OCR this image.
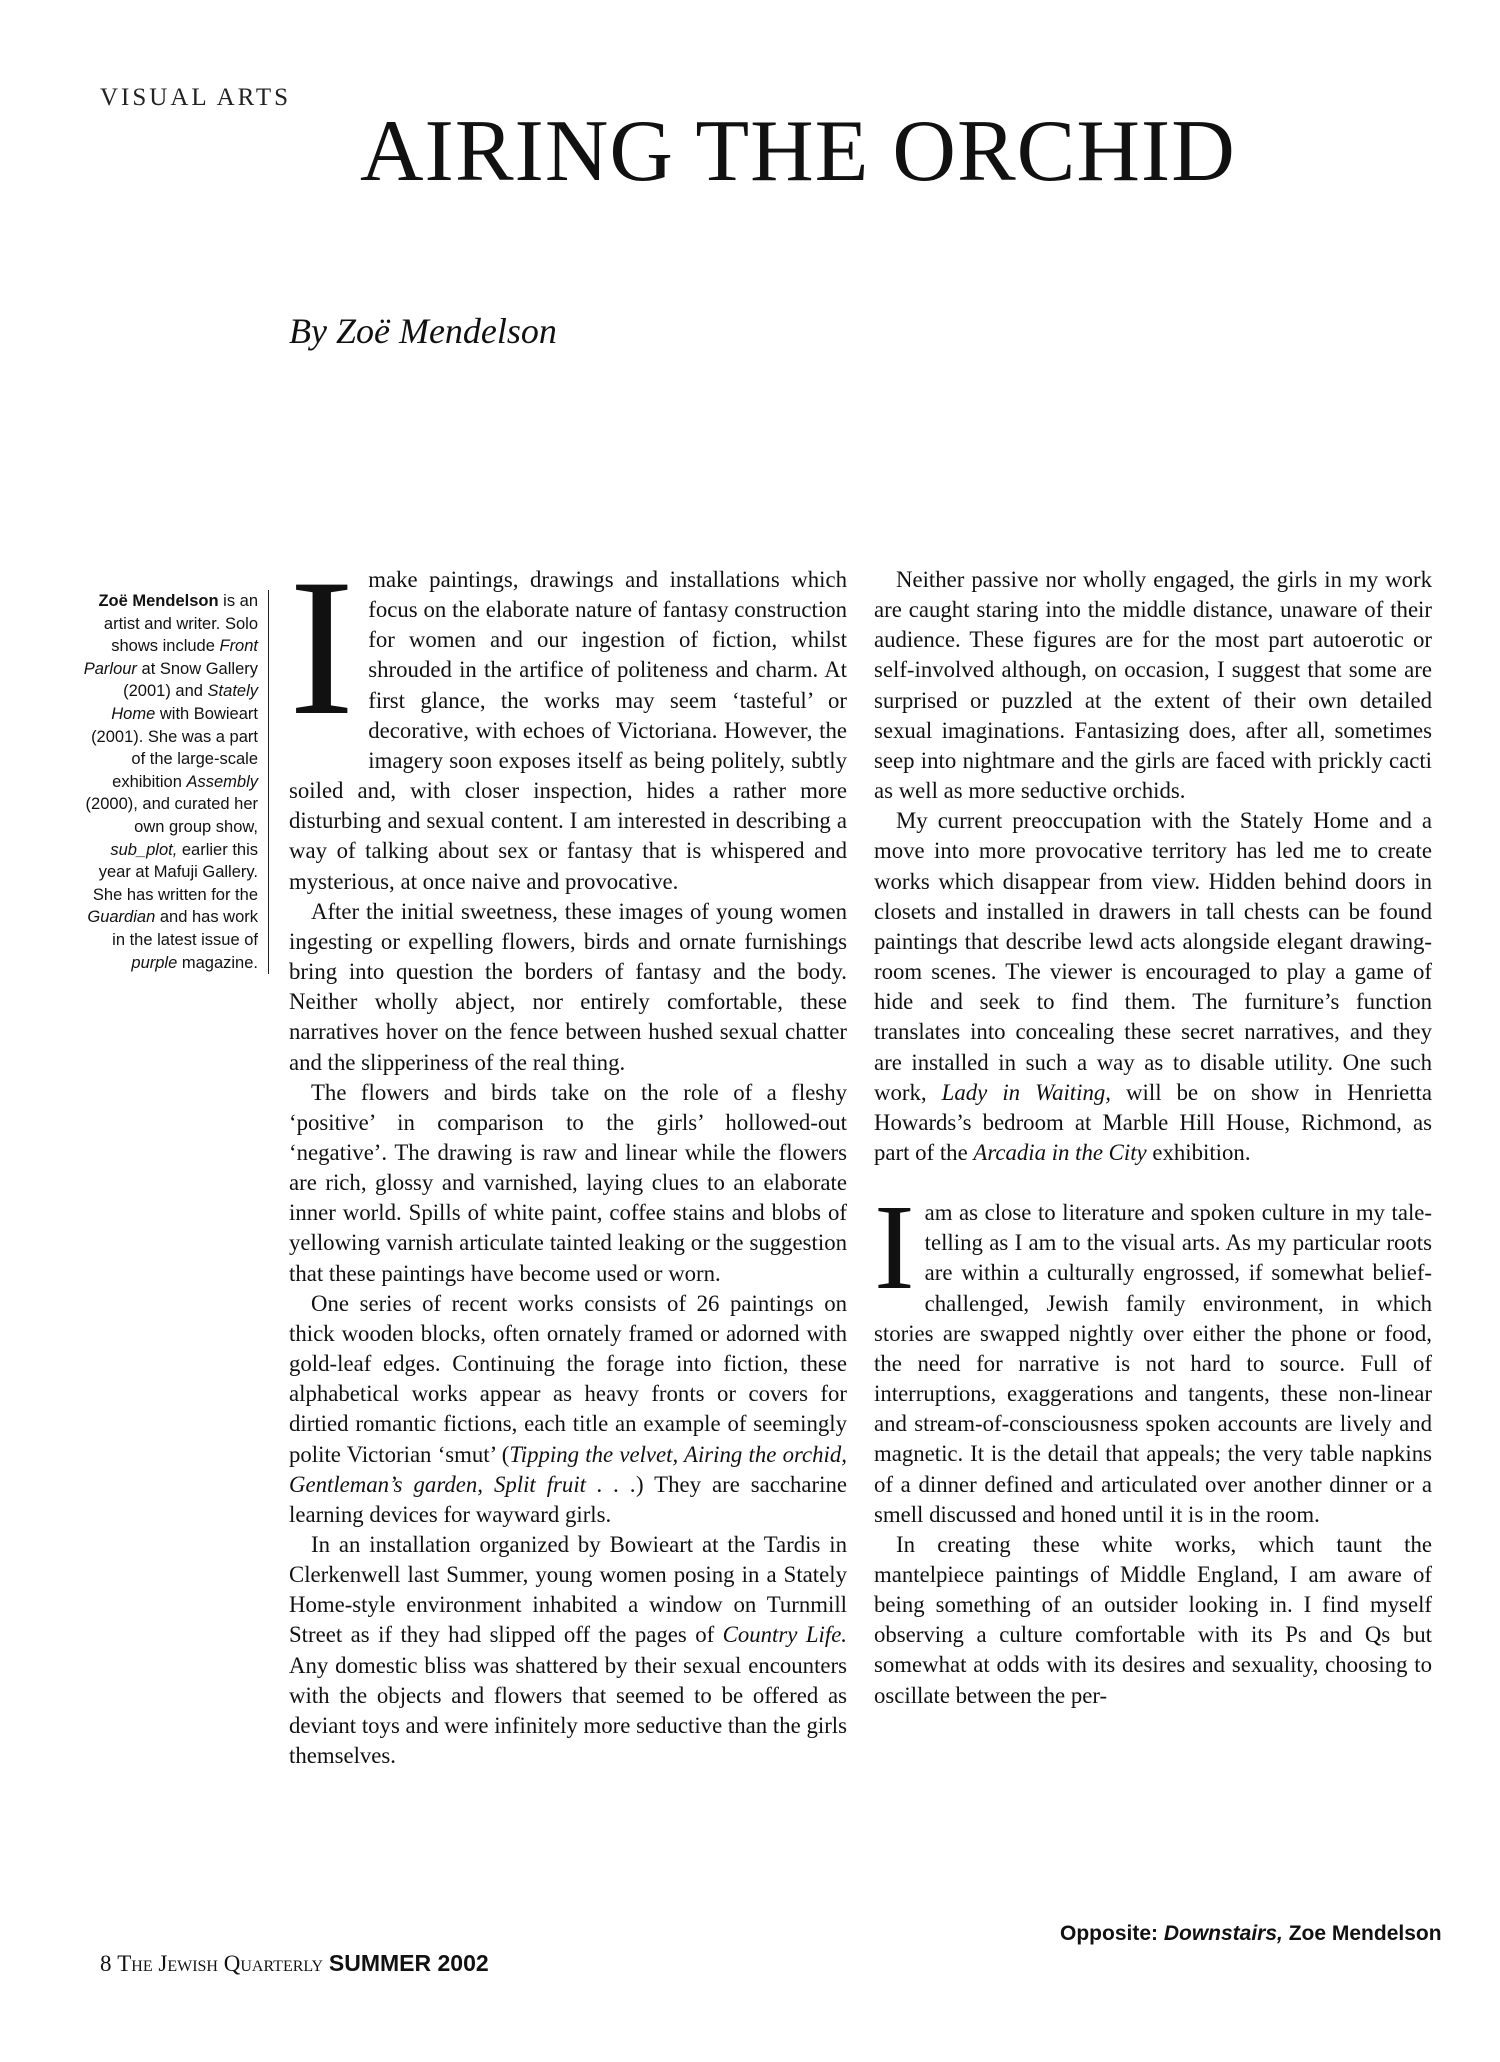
VISUAL ARTS
AIRING THE ORCHID
By Zoë Mendelson
Zoë Mendelson is an artist and writer. Solo shows include Front Parlour at Snow Gallery (2001) and Stately Home with Bowieart (2001). She was a part of the large-scale exhibition Assembly (2000), and curated her own group show, sub_plot, earlier this year at Mafuji Gallery. She has written for the Guardian and has work in the latest issue of purple magazine.

Imake paintings, drawings and installations which focus on the elaborate nature of fantasy construction for women and our ingestion of fiction, whilst shrouded in the artifice of politeness and charm. At first glance, the works may seem ‘tasteful’ or decorative, with echoes of Victoriana. However, the imagery soon exposes itself as being politely, subtly soiled and, with closer inspection, hides a rather more disturbing and sexual content. I am interested in describing a way of talking about sex or fantasy that is whispered and mysterious, at once naive and provocative.

After the initial sweetness, these images of young women ingesting or expelling flowers, birds and ornate furnishings bring into question the borders of fantasy and the body. Neither wholly abject, nor entirely comfortable, these narratives hover on the fence between hushed sexual chatter and the slipperiness of the real thing.

The flowers and birds take on the role of a fleshy ‘positive’ in comparison to the girls’ hollowed-out ‘negative’. The drawing is raw and linear while the flowers are rich, glossy and varnished, laying clues to an elaborate inner world. Spills of white paint, coffee stains and blobs of yellowing varnish articulate tainted leaking or the suggestion that these paintings have become used or worn.

One series of recent works consists of 26 paintings on thick wooden blocks, often ornately framed or adorned with gold-leaf edges. Continuing the forage into fiction, these alphabetical works appear as heavy fronts or covers for dirtied romantic fictions, each title an example of seemingly polite Victorian ‘smut’ (Tipping the velvet, Airing the orchid, Gentleman’s garden, Split fruit . . .) They are saccharine learning devices for wayward girls.

In an installation organized by Bowieart at the Tardis in Clerkenwell last Summer, young women posing in a Stately Home-style environment inhabited a window on Turnmill Street as if they had slipped off the pages of Country Life. Any domestic bliss was shattered by their sexual encounters with the objects and flowers that seemed to be offered as deviant toys and were infinitely more seductive than the girls themselves.

Neither passive nor wholly engaged, the girls in my work are caught staring into the middle distance, unaware of their audience. These figures are for the most part autoerotic or self-involved although, on occasion, I suggest that some are surprised or puzzled at the extent of their own detailed sexual imaginations. Fantasizing does, after all, sometimes seep into nightmare and the girls are faced with prickly cacti as well as more seductive orchids.

My current preoccupation with the Stately Home and a move into more provocative territory has led me to create works which disappear from view. Hidden behind doors in closets and installed in drawers in tall chests can be found paintings that describe lewd acts alongside elegant drawing-room scenes. The viewer is encouraged to play a game of hide and seek to find them. The furniture’s function translates into concealing these secret narratives, and they are installed in such a way as to disable utility. One such work, Lady in Waiting, will be on show in Henrietta Howards’s bedroom at Marble Hill House, Richmond, as part of the Arcadia in the City exhibition.

Iam as close to literature and spoken culture in my tale-telling as I am to the visual arts. As my particular roots are within a culturally engrossed, if somewhat belief-challenged, Jewish family environment, in which stories are swapped nightly over either the phone or food, the need for narrative is not hard to source. Full of interruptions, exaggerations and tangents, these non-linear and stream-of-consciousness spoken accounts are lively and magnetic. It is the detail that appeals; the very table napkins of a dinner defined and articulated over another dinner or a smell discussed and honed until it is in the room.

In creating these white works, which taunt the mantelpiece paintings of Middle England, I am aware of being something of an outsider looking in. I find myself observing a culture comfortable with its Ps and Qs but somewhat at odds with its desires and sexuality, choosing to oscillate between the per-

Opposite: Downstairs, Zoe Mendelson
8 The Jewish Quarterly SUMMER 2002
